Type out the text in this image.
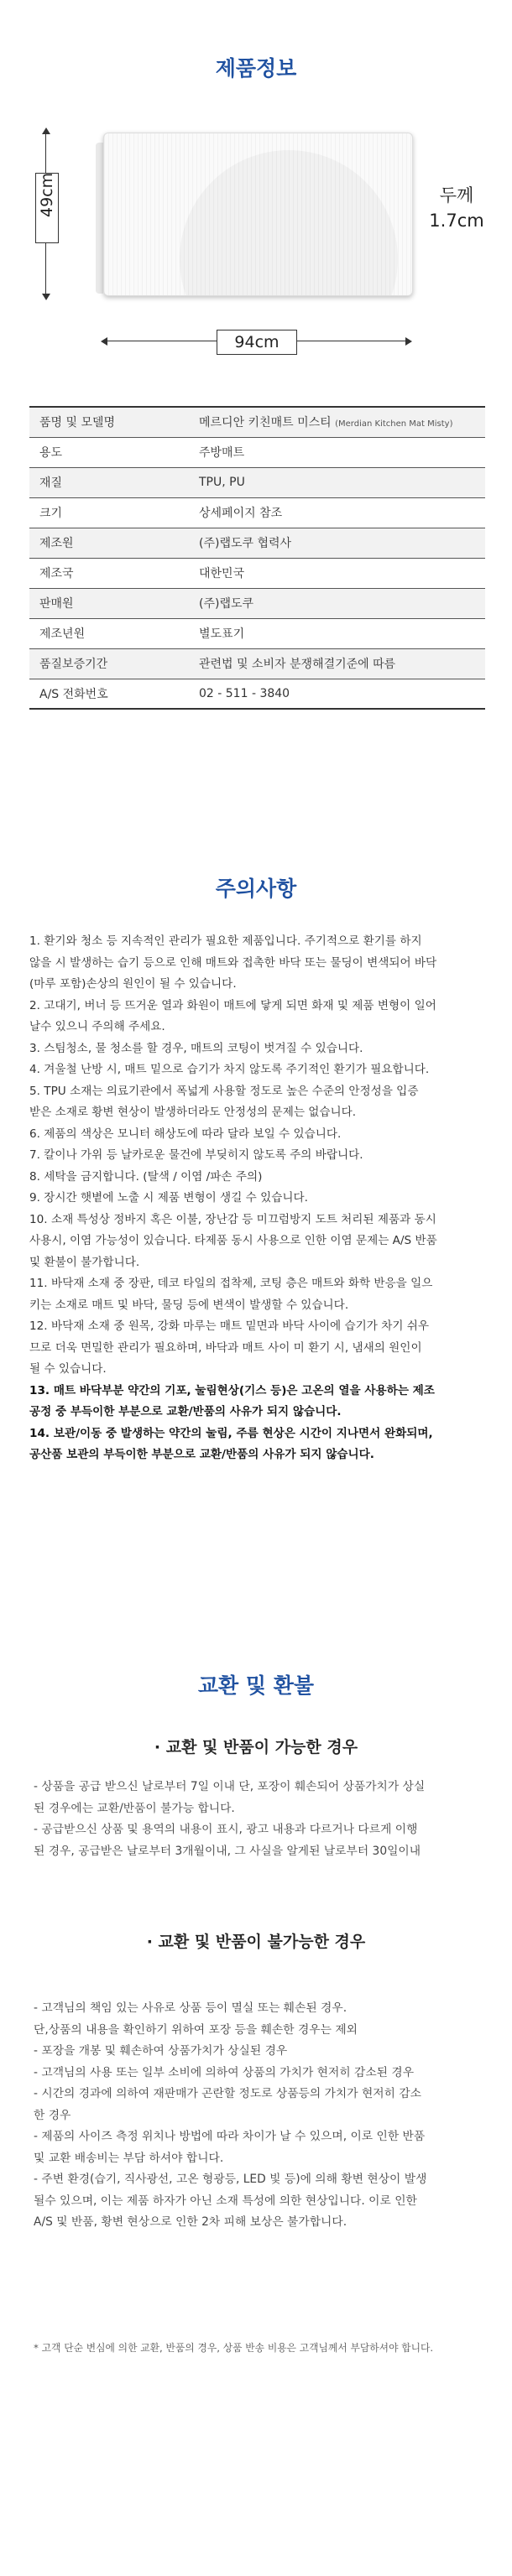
제품정보
49cm
94cm
두께
1.7cm
품명 및 모델명	메르디안 키친매트 미스티 (Merdian Kitchen Mat Misty)
용도	주방매트
재질	TPU, PU
크기	상세페이지 참조
제조원	(주)랩도쿠 협력사
제조국	대한민국
판매원	(주)랩도쿠
제조년원	별도표기
품질보증기간	관련법 및 소비자 분쟁해결기준에 따름
A/S 전화번호	02 - 511 - 3840
주의사항

1. 환기와 청소 등 지속적인 관리가 필요한 제품입니다. 주기적으로 환기를 하지

않을 시 발생하는 습기 등으로 인해 매트와 접촉한 바닥 또는 물딩이 변색되어 바닥

(마루 포함)손상의 원인이 될 수 있습니다.

2. 고대기, 버너 등 뜨거운 열과 화원이 매트에 닿게 되면 화재 및 제품 변형이 일어

날수 있으니 주의해 주세요.

3. 스팀청소, 물 청소를 할 경우, 매트의 코팅이 벗겨질 수 있습니다.

4. 겨울철 난방 시, 매트 밑으로 습기가 차지 않도록 주기적인 환기가 필요합니다.

5. TPU 소재는 의료기관에서 폭넓게 사용할 정도로 높은 수준의 안정성을 입증

받은 소재로 황변 현상이 발생하더라도 안정성의 문제는 없습니다.

6. 제품의 색상은 모니터 해상도에 따라 달라 보일 수 있습니다.

7. 칼이나 가위 등 날카로운 물건에 부딪히지 않도록 주의 바랍니다.

8. 세탁을 금지합니다. (탈색 / 이염 /파손 주의)

9. 장시간 햇볕에 노출 시 제품 변형이 생길 수 있습니다.

10. 소재 특성상 정바지 혹은 이불, 장난감 등 미끄럼방지 도트 처리된 제품과 동시

사용시, 이염 가능성이 있습니다. 타제품 동시 사용으로 인한 이염 문제는 A/S 반품

및 환불이 불가합니다.

11. 바닥재 소재 중 장판, 데코 타일의 접착제, 코팅 층은 매트와 화학 반응을 일으

키는 소재로 매트 및 바닥, 물딩 등에 변색이 발생할 수 있습니다.

12. 바닥재 소재 중 원목, 강화 마루는 매트 밑면과 바닥 사이에 습기가 차기 쉬우

므로 더욱 면밀한 관리가 필요하며, 바닥과 매트 사이 미 환기 시, 냄새의 원인이

될 수 있습니다.

13. 매트 바닥부분 약간의 기포, 눌림현상(기스 등)은 고온의 열을 사용하는 제조

공정 중 부득이한 부분으로 교환/반품의 사유가 되지 않습니다.

14. 보관/이동 중 발생하는 약간의 눌림, 주름 현상은 시간이 지나면서 완화되며,

공산품 보관의 부득이한 부분으로 교환/반품의 사유가 되지 않습니다.

교환 및 환불
· 교환 및 반품이 가능한 경우

- 상품을 공급 받으신 날로부터 7일 이내 단, 포장이 훼손되어 상품가치가 상실

된 경우에는 교환/반품이 불가능 합니다.

- 공급받으신 상품 및 용역의 내용이 표시, 광고 내용과 다르거나 다르게 이행

된 경우, 공급받은 날로부터 3개월이내, 그 사실을 알게된 날로부터 30일이내

· 교환 및 반품이 불가능한 경우

- 고객님의 책임 있는 사유로 상품 등이 멸실 또는 훼손된 경우.

단,상품의 내용을 확인하기 위하여 포장 등을 훼손한 경우는 제외

- 포장을 개봉 및 훼손하여 상품가치가 상실된 경우

- 고객님의 사용 또는 일부 소비에 의하여 상품의 가치가 현저히 감소된 경우

- 시간의 경과에 의하여 재판매가 곤란할 정도로 상품등의 가치가 현저히 감소

한 경우

- 제품의 사이즈 측정 위치나 방법에 따라 차이가 날 수 있으며, 이로 인한 반품

및 교환 배송비는 부담 하셔야 합니다.

- 주변 환경(습기, 직사광선, 고온 형광등, LED 빛 등)에 의해 황변 현상이 발생

될수 있으며, 이는 제품 하자가 아닌 소재 특성에 의한 현상입니다. 이로 인한

A/S 및 반품, 황변 현상으로 인한 2차 피해 보상은 불가합니다.

* 고객 단순 변심에 의한 교환, 반품의 경우, 상품 반송 비용은 고객님께서 부담하셔야 합니다.
